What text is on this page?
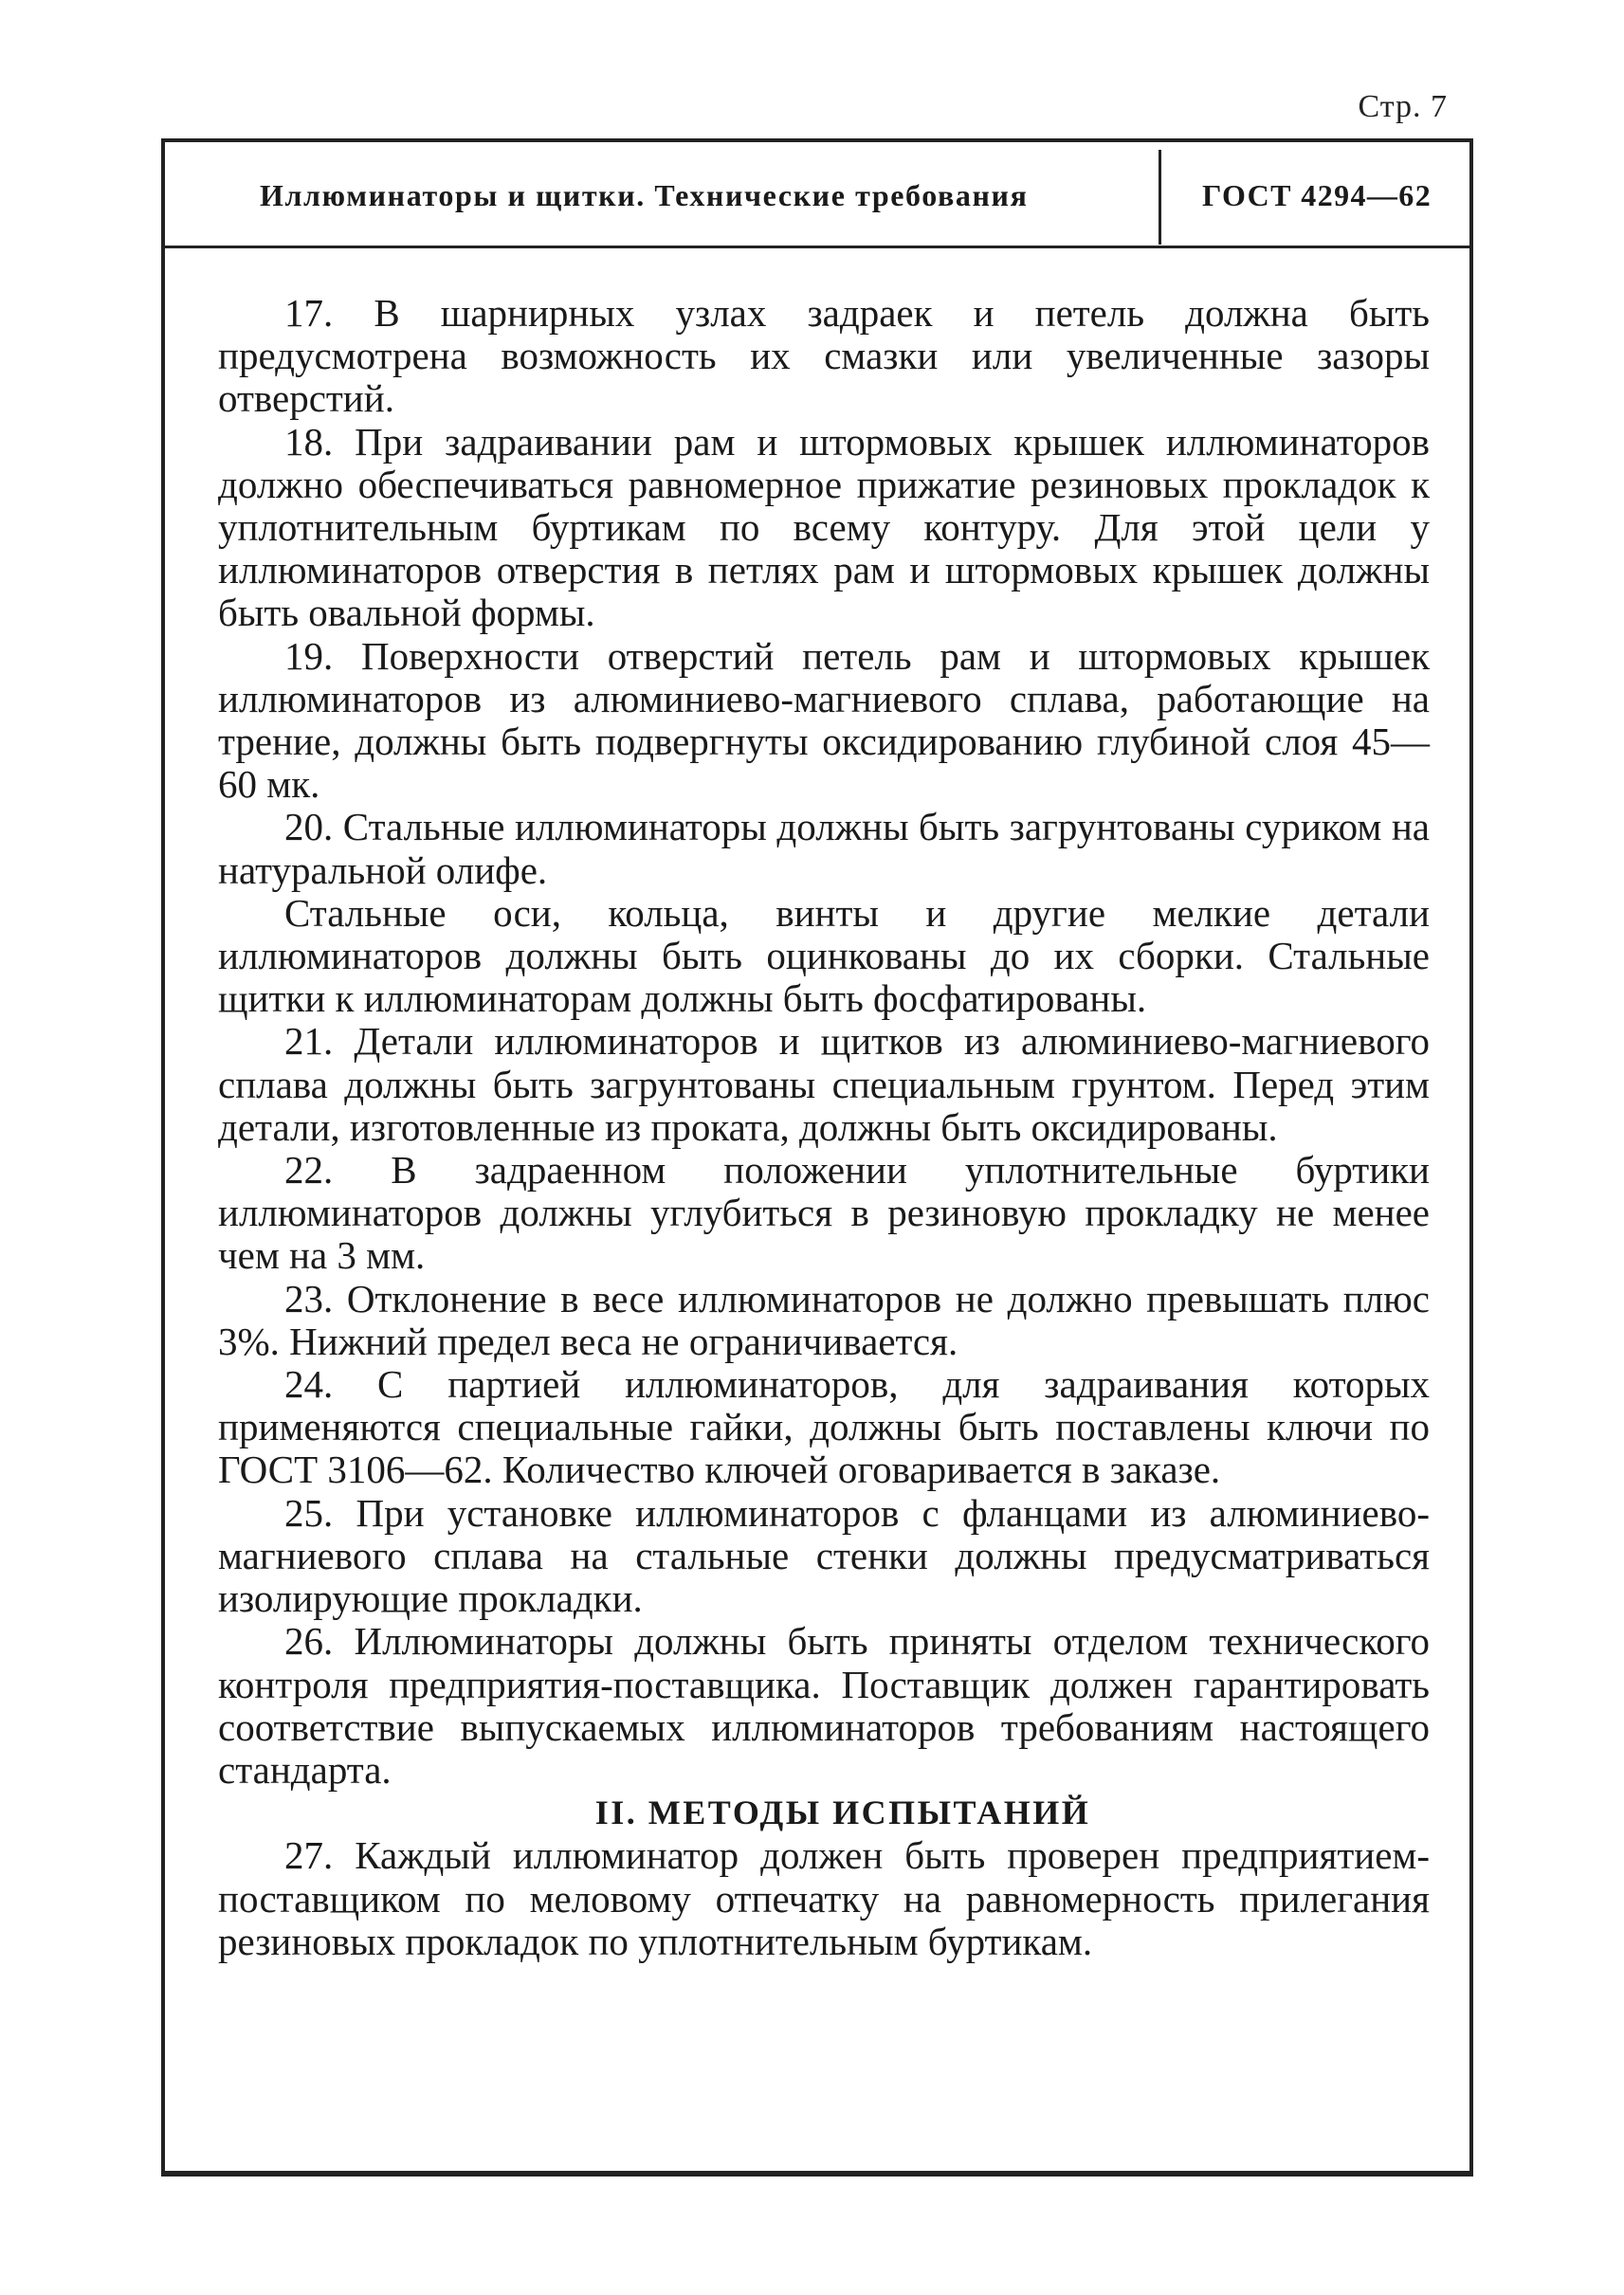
Стр. 7
Иллюминаторы и щитки. Технические требования	ГОСТ 4294—62

17. В шарнирных узлах задраек и петель должна быть предусмотрена возможность их смазки или увеличенные зазоры отверстий.

18. При задраивании рам и штормовых крышек иллюминаторов должно обеспечиваться равномерное прижатие резиновых прокладок к уплотнительным буртикам по всему контуру. Для этой цели у иллюминаторов отверстия в петлях рам и штормовых крышек должны быть овальной формы.

19. Поверхности отверстий петель рам и штормовых крышек иллюминаторов из алюминиево-магниевого сплава, работающие на трение, должны быть подвергнуты оксидированию глубиной слоя 45—60 мк.

20. Стальные иллюминаторы должны быть загрунтованы суриком на натуральной олифе.

Стальные оси, кольца, винты и другие мелкие детали иллюминаторов должны быть оцинкованы до их сборки. Стальные щитки к иллюминаторам должны быть фосфатированы.

21. Детали иллюминаторов и щитков из алюминиево-магниевого сплава должны быть загрунтованы специальным грунтом. Перед этим детали, изготовленные из проката, должны быть оксидированы.

22. В задраенном положении уплотнительные буртики иллюминаторов должны углубиться в резиновую прокладку не менее чем на 3 мм.

23. Отклонение в весе иллюминаторов не должно превышать плюс 3%. Нижний предел веса не ограничивается.

24. С партией иллюминаторов, для задраивания которых применяются специальные гайки, должны быть поставлены ключи по ГОСТ 3106—62. Количество ключей оговаривается в заказе.

25. При установке иллюминаторов с фланцами из алюминиево-магниевого сплава на стальные стенки должны предусматриваться изолирующие прокладки.

26. Иллюминаторы должны быть приняты отделом технического контроля предприятия-поставщика. Поставщик должен гарантировать соответствие выпускаемых иллюминаторов требованиям настоящего стандарта.

II. МЕТОДЫ ИСПЫТАНИЙ

27. Каждый иллюминатор должен быть проверен предприятием-поставщиком по меловому отпечатку на равномерность прилегания резиновых прокладок по уплотнительным буртикам.
